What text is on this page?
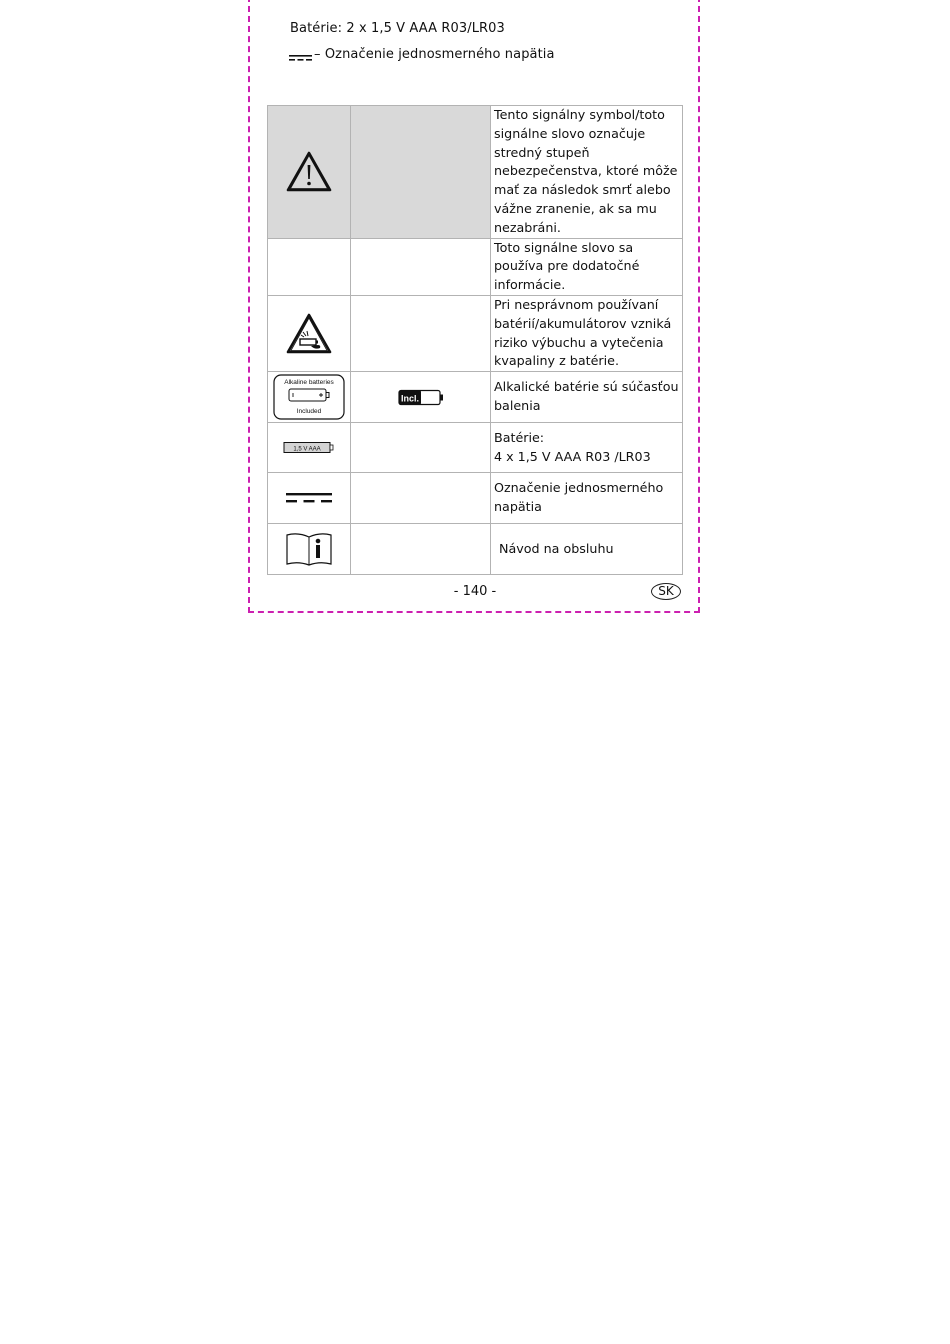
Batérie: 2 x 1,5 V AAA R03/LR03
– Označenie jednosmerného napätia
		Tento signálny symbol/toto signálne slovo označuje stredný stupeň nebezpečenstva, ktoré môže mať za následok smrť alebo vážne zranenie, ak sa mu nezabráni.
		Toto signálne slovo sa používa pre dodatočné informácie.
		Pri nesprávnom používaní batérií/akumulátorov vzniká riziko výbuchu a vytečenia kvapaliny z batérie.

Alkaline batteries
Included	Incl.	Alkalické batérie sú súčasťou balenia

1,5 V AAA		Batérie:
4 x 1,5 V AAA R03 /LR03

		Označenie jednosmerného napätia
		Návod na obsluhu
- 140 -	SK
